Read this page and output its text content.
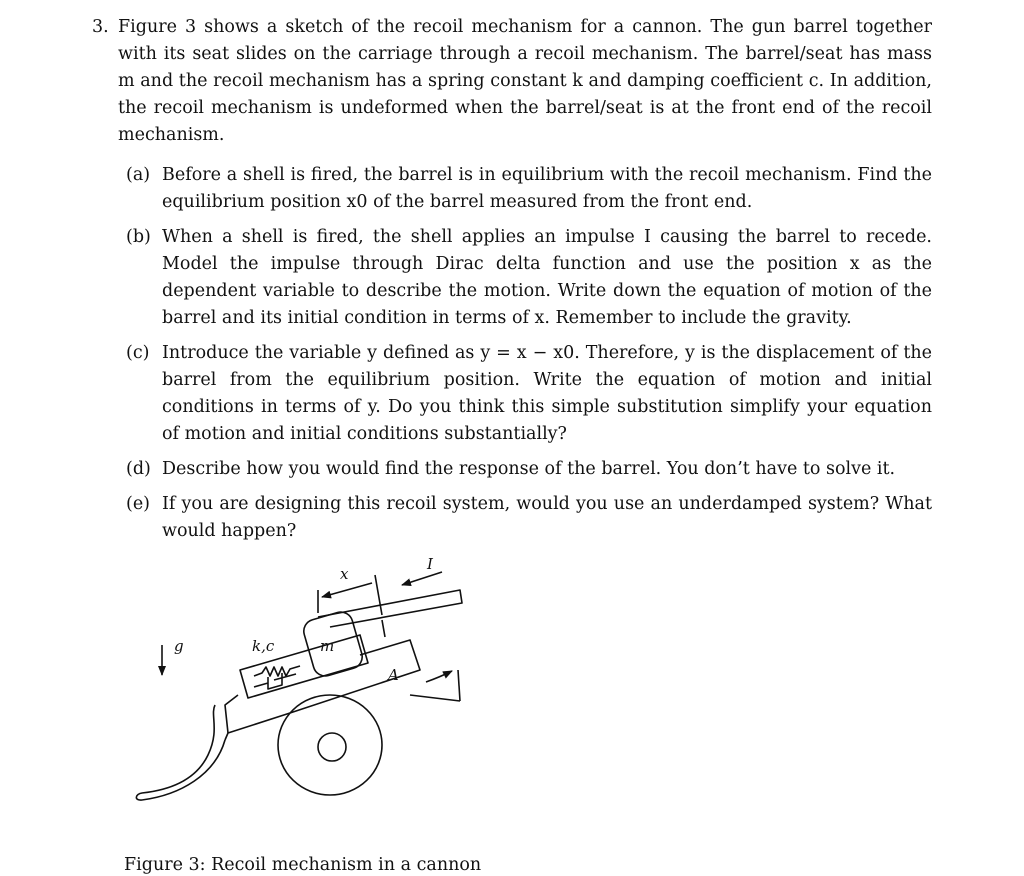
3. Figure 3 shows a sketch of the recoil mechanism for a cannon. The gun barrel together with its seat slides on the carriage through a recoil mechanism. The barrel/seat has mass m and the recoil mechanism has a spring constant k and damping coefficient c. In addition, the recoil mechanism is undeformed when the barrel/seat is at the front end of the recoil mechanism.
(a) Before a shell is fired, the barrel is in equilibrium with the recoil mechanism. Find the equilibrium position x0 of the barrel measured from the front end.
(b) When a shell is fired, the shell applies an impulse I causing the barrel to recede. Model the impulse through Dirac delta function and use the position x as the dependent variable to describe the motion. Write down the equation of motion of the barrel and its initial condition in terms of x. Remember to include the gravity.
(c) Introduce the variable y defined as y = x − x0. Therefore, y is the displacement of the barrel from the equilibrium position. Write the equation of motion and initial conditions in terms of y. Do you think this simple substitution simplify your equation of motion and initial conditions substantially?
(d) Describe how you would find the response of the barrel. You don’t have to solve it.
(e) If you are designing this recoil system, would you use an underdamped system? What would happen?
x
I
g	k,c	m
A
Figure 3: Recoil mechanism in a cannon
